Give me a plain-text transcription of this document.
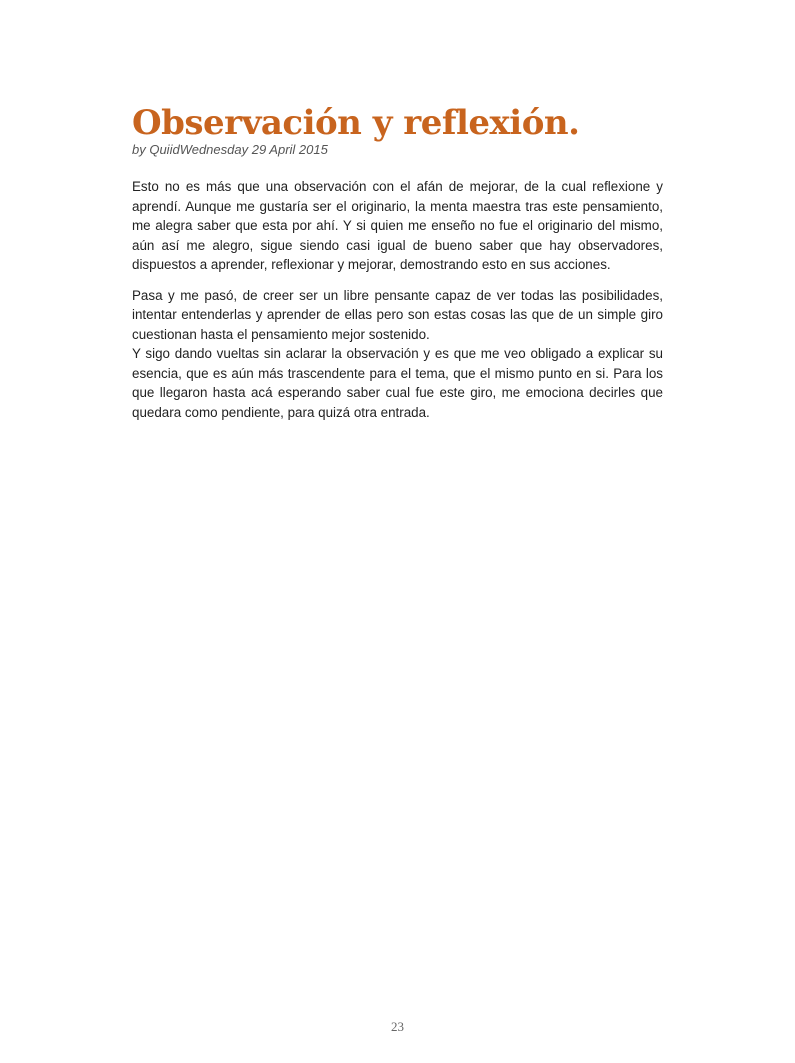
Observación y reflexión.
by QuiidWednesday 29 April 2015

Esto no es más que una observación con el afán de mejorar, de la cual reflexione y aprendí. Aunque me gustaría ser el originario, la menta maestra tras este pensamiento, me alegra saber que esta por ahí. Y si quien me enseño no fue el originario del mismo, aún así me alegro, sigue siendo casi igual de bueno saber que hay observadores, dispuestos a aprender, reflexionar y mejorar, demostrando esto en sus acciones.

Pasa y me pasó, de creer ser un libre pensante capaz de ver todas las posibilidades, intentar entenderlas y aprender de ellas pero son estas cosas las que de un simple giro cuestionan hasta el pensamiento mejor sostenido.

Y sigo dando vueltas sin aclarar la observación y es que me veo obligado a explicar su esencia, que es aún más trascendente para el tema, que el mismo punto en si. Para los que llegaron hasta acá esperando saber cual fue este giro, me emociona decirles que quedara como pendiente, para quizá otra entrada.

23
